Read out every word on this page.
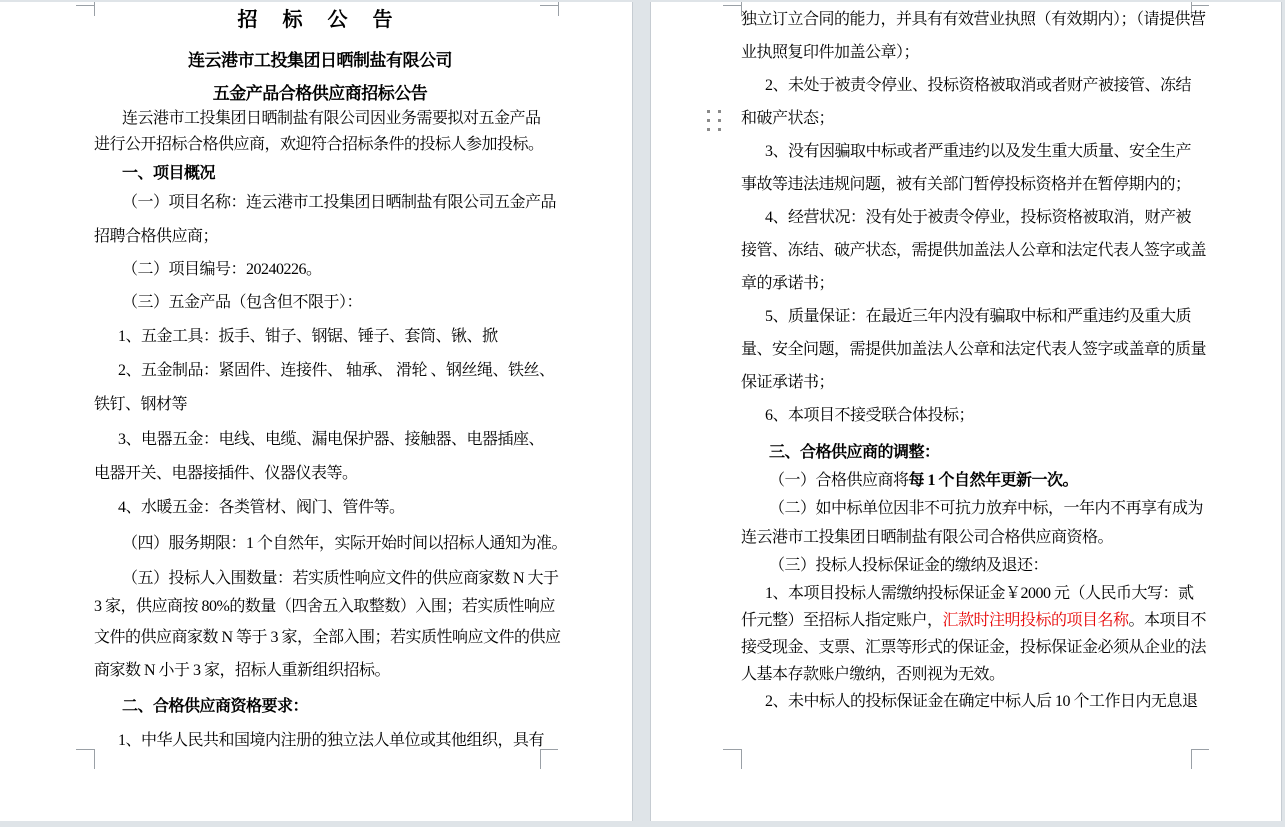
招 标 公 告
连云港市工投集团日晒制盐有限公司
五金产品合格供应商招标公告
连云港市工投集团日晒制盐有限公司因业务需要拟对五金产品
进行公开招标合格供应商，欢迎符合招标条件的投标人参加投标。
一、项目概况
（一）项目名称：连云港市工投集团日晒制盐有限公司五金产品
招聘合格供应商；
（二）项目编号：20240226。
（三）五金产品（包含但不限于）：
1、五金工具：扳手、钳子、钢锯、锤子、套筒、锹、掀
2、五金制品：紧固件、连接件、 轴承、 滑轮 、钢丝绳、铁丝、
铁钉、钢材等
3、电器五金：电线、电缆、漏电保护器、接触器、电器插座、
电器开关、电器接插件、仪器仪表等。
4、水暖五金：各类管材、阀门、管件等。
（四）服务期限：1 个自然年，实际开始时间以招标人通知为准。
（五）投标人入围数量：若实质性响应文件的供应商家数 N 大于
3 家，供应商按 80%的数量（四舍五入取整数）入围；若实质性响应
文件的供应商家数 N 等于 3 家，全部入围；若实质性响应文件的供应
商家数 N 小于 3 家，招标人重新组织招标。
二、合格供应商资格要求：
1、中华人民共和国境内注册的独立法人单位或其他组织，具有
独立订立合同的能力，并具有有效营业执照（有效期内）；（请提供营
业执照复印件加盖公章）；
2、未处于被责令停业、投标资格被取消或者财产被接管、冻结
和破产状态；
3、没有因骗取中标或者严重违约以及发生重大质量、安全生产
事故等违法违规问题，被有关部门暂停投标资格并在暂停期内的；
4、经营状况：没有处于被责令停业，投标资格被取消，财产被
接管、冻结、破产状态，需提供加盖法人公章和法定代表人签字或盖
章的承诺书；
5、质量保证：在最近三年内没有骗取中标和严重违约及重大质
量、安全问题，需提供加盖法人公章和法定代表人签字或盖章的质量
保证承诺书；
6、本项目不接受联合体投标；
三、合格供应商的调整：
（一）合格供应商将每 1 个自然年更新一次。
（二）如中标单位因非不可抗力放弃中标，一年内不再享有成为
连云港市工投集团日晒制盐有限公司合格供应商资格。
（三）投标人投标保证金的缴纳及退还：
1、本项目投标人需缴纳投标保证金￥2000 元（人民币大写：贰
仟元整）至招标人指定账户，汇款时注明投标的项目名称。本项目不
接受现金、支票、汇票等形式的保证金，投标保证金必须从企业的法
人基本存款账户缴纳，否则视为无效。
2、未中标人的投标保证金在确定中标人后 10 个工作日内无息退
